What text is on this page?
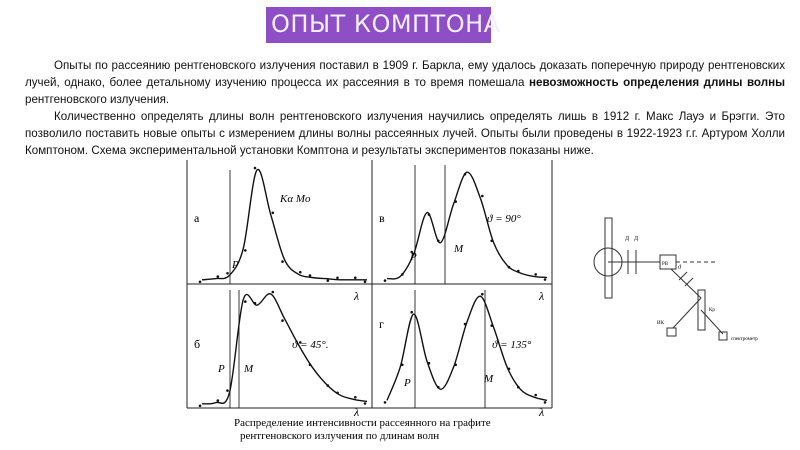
ОПЫТ КОМПТОНА

Опыты по рассеянию рентгеновского излучения поставил в 1909 г. Баркла, ему удалось доказать поперечную природу рентгеновских лучей, однако, более детальному изучению процесса их рассеяния в то время помешала невозможность определения длины волны рентгеновского излучения.

Количественно определять длины волн рентгеновского излучения научились определять лишь в 1912 г. Макс Лауэ и Брэгги. Это позволило поставить новые опыты с измерением длины волны рассеянных лучей. Опыты были проведены в 1922-1923 г.г. Артуром Холли Комптоном. Схема экспериментальной установки Комптона и результаты экспериментов показаны ниже.

а	в
б
г
Kα Mo
ϑ = 90°
ϑ = 45°.	ϑ = 135°
P
P
M
P M
P	M
λ	λ
λ	λ
Распределение интенсивности рассеянного на графите
рентгеновского излучения по длинам волн
Д Д
РВ
ϑ
Кр
ИК
спектрометр
